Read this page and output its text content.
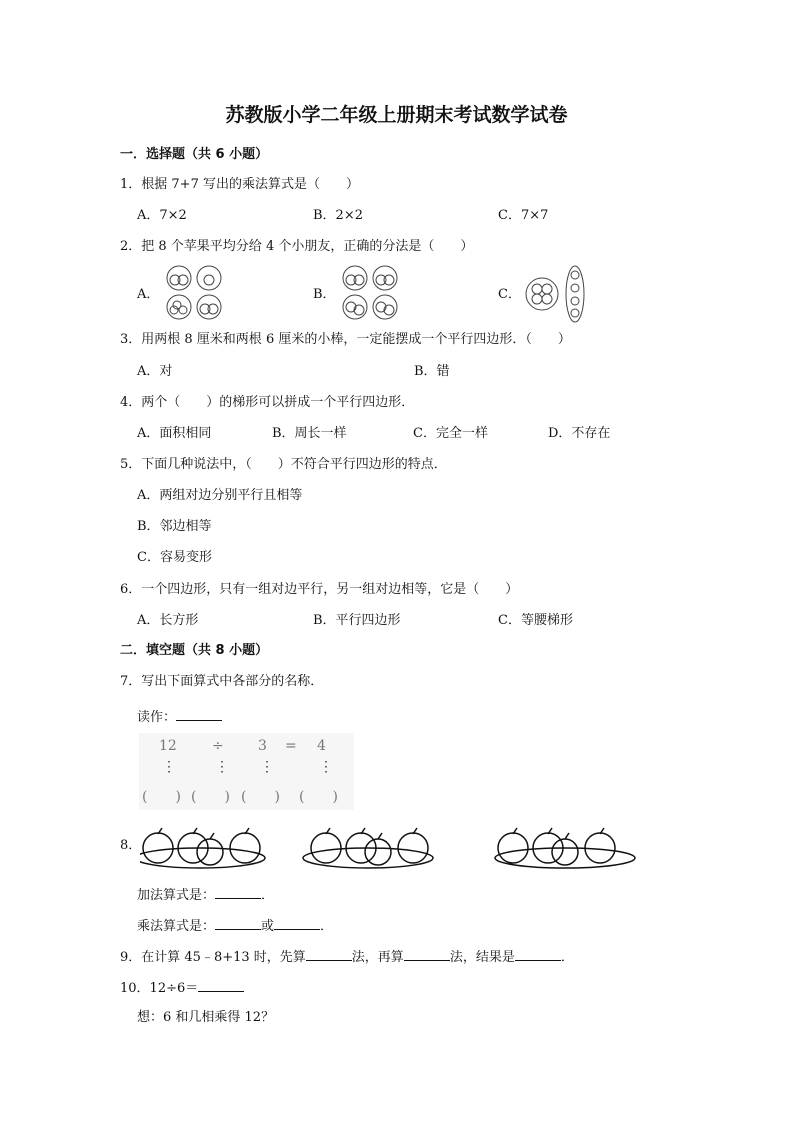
苏教版小学二年级上册期末考试数学试卷
一．选择题（共 6 小题）
1．根据 7+7 写出的乘法算式是（　　）
A．7×2	B．2×2	C．7×7
2．把 8 个苹果平均分给 4 个小朋友，正确的分法是（　　）
A．	B．	C．
3．用两根 8 厘米和两根 6 厘米的小棒，一定能摆成一个平行四边形．（　　）
A．对	B．错
4．两个（　　）的梯形可以拼成一个平行四边形．
A．面积相同	B．周长一样	C．完全一样	D．不存在
5．下面几种说法中，（　　）不符合平行四边形的特点．
A．两组对边分别平行且相等
B．邻边相等
C．容易变形
6．一个四边形，只有一组对边平行，另一组对边相等，它是（　　）
A．长方形	B．平行四边形	C．等腰梯形
二．填空题（共 8 小题）
7．写出下面算式中各部分的名称．
读作：
12	÷ 3 = 4
⋮	⋮ ⋮	⋮
(　　) (　　) (　　) (　　)
8．
加法算式是：	．
乘法算式是：	或	．
9．在计算 45﹣8+13 时，先算	法，再算	法，结果是	．
10．12÷6＝
想：6 和几相乘得 12？
